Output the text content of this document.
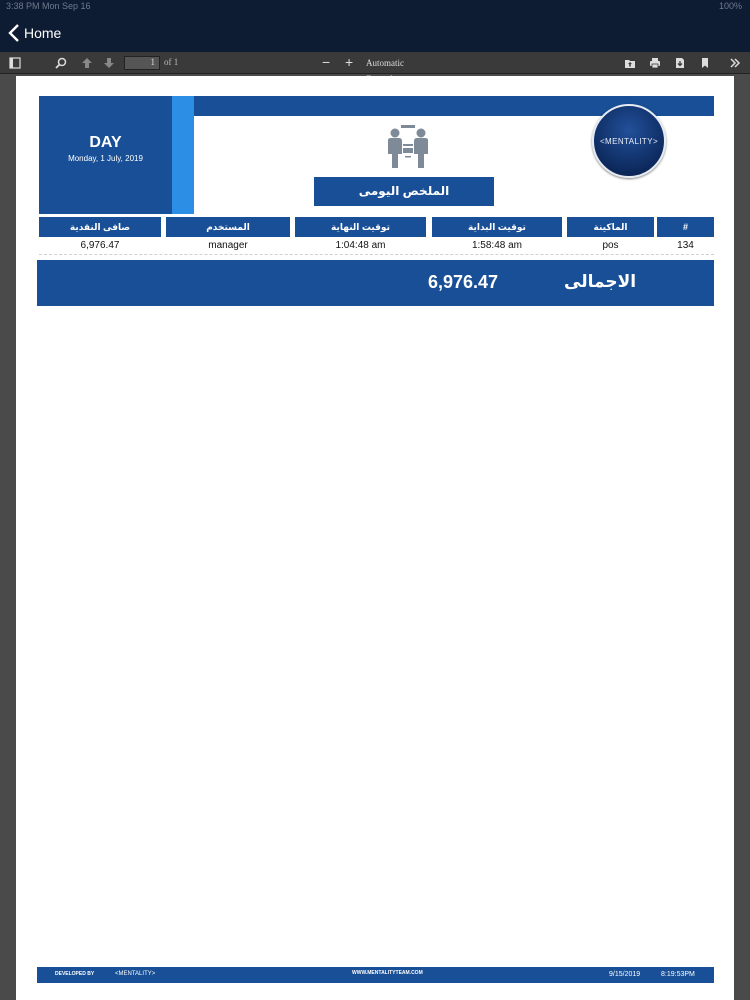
3:38 PM Mon Sep 16	100%
Home
1	of 1	− + Automatic
DAY
Monday, 1 July, 2019
<MENTALITY>
الملخص اليومى
صافى النقدية	المستخدم	توقيت النهاية	توقيت البداية	الماكينة	#
6,976.47	manager	1:04:48 am	1:58:48 am	pos	134
6,976.47	الاجمالى
DEVELOPED BY	<MENTALITY>	WWW.MENTALITYTEAM.COM	9/15/2019	8:19:53PM
